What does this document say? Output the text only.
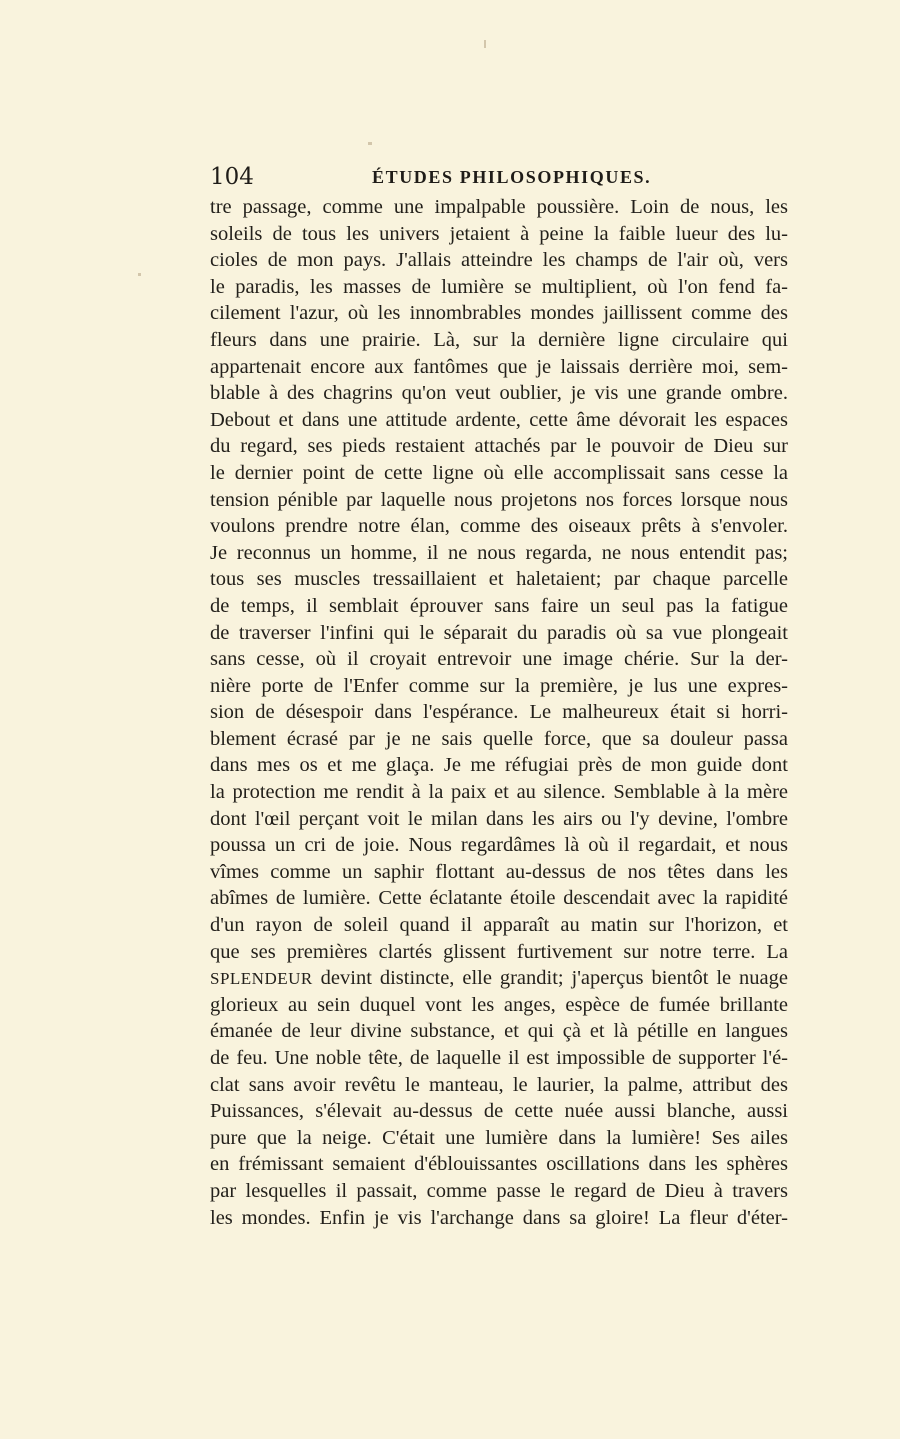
104	ÉTUDES PHILOSOPHIQUES.
tre passage, comme une impalpable poussière. Loin de nous, les
soleils de tous les univers jetaient à peine la faible lueur des lu-
cioles de mon pays. J'allais atteindre les champs de l'air où, vers
le paradis, les masses de lumière se multiplient, où l'on fend fa-
cilement l'azur, où les innombrables mondes jaillissent comme des
fleurs dans une prairie. Là, sur la dernière ligne circulaire qui
appartenait encore aux fantômes que je laissais derrière moi, sem-
blable à des chagrins qu'on veut oublier, je vis une grande ombre.
Debout et dans une attitude ardente, cette âme dévorait les espaces
du regard, ses pieds restaient attachés par le pouvoir de Dieu sur
le dernier point de cette ligne où elle accomplissait sans cesse la
tension pénible par laquelle nous projetons nos forces lorsque nous
voulons prendre notre élan, comme des oiseaux prêts à s'envoler.
Je reconnus un homme, il ne nous regarda, ne nous entendit pas;
tous ses muscles tressaillaient et haletaient; par chaque parcelle
de temps, il semblait éprouver sans faire un seul pas la fatigue
de traverser l'infini qui le séparait du paradis où sa vue plongeait
sans cesse, où il croyait entrevoir une image chérie. Sur la der-
nière porte de l'Enfer comme sur la première, je lus une expres-
sion de désespoir dans l'espérance. Le malheureux était si horri-
blement écrasé par je ne sais quelle force, que sa douleur passa
dans mes os et me glaça. Je me réfugiai près de mon guide dont
la protection me rendit à la paix et au silence. Semblable à la mère
dont l'œil perçant voit le milan dans les airs ou l'y devine, l'ombre
poussa un cri de joie. Nous regardâmes là où il regardait, et nous
vîmes comme un saphir flottant au-dessus de nos têtes dans les
abîmes de lumière. Cette éclatante étoile descendait avec la rapidité
d'un rayon de soleil quand il apparaît au matin sur l'horizon, et
que ses premières clartés glissent furtivement sur notre terre. La
SPLENDEUR devint distincte, elle grandit; j'aperçus bientôt le nuage
glorieux au sein duquel vont les anges, espèce de fumée brillante
émanée de leur divine substance, et qui çà et là pétille en langues
de feu. Une noble tête, de laquelle il est impossible de supporter l'é-
clat sans avoir revêtu le manteau, le laurier, la palme, attribut des
Puissances, s'élevait au-dessus de cette nuée aussi blanche, aussi
pure que la neige. C'était une lumière dans la lumière! Ses ailes
en frémissant semaient d'éblouissantes oscillations dans les sphères
par lesquelles il passait, comme passe le regard de Dieu à travers
les mondes. Enfin je vis l'archange dans sa gloire! La fleur d'éter-
